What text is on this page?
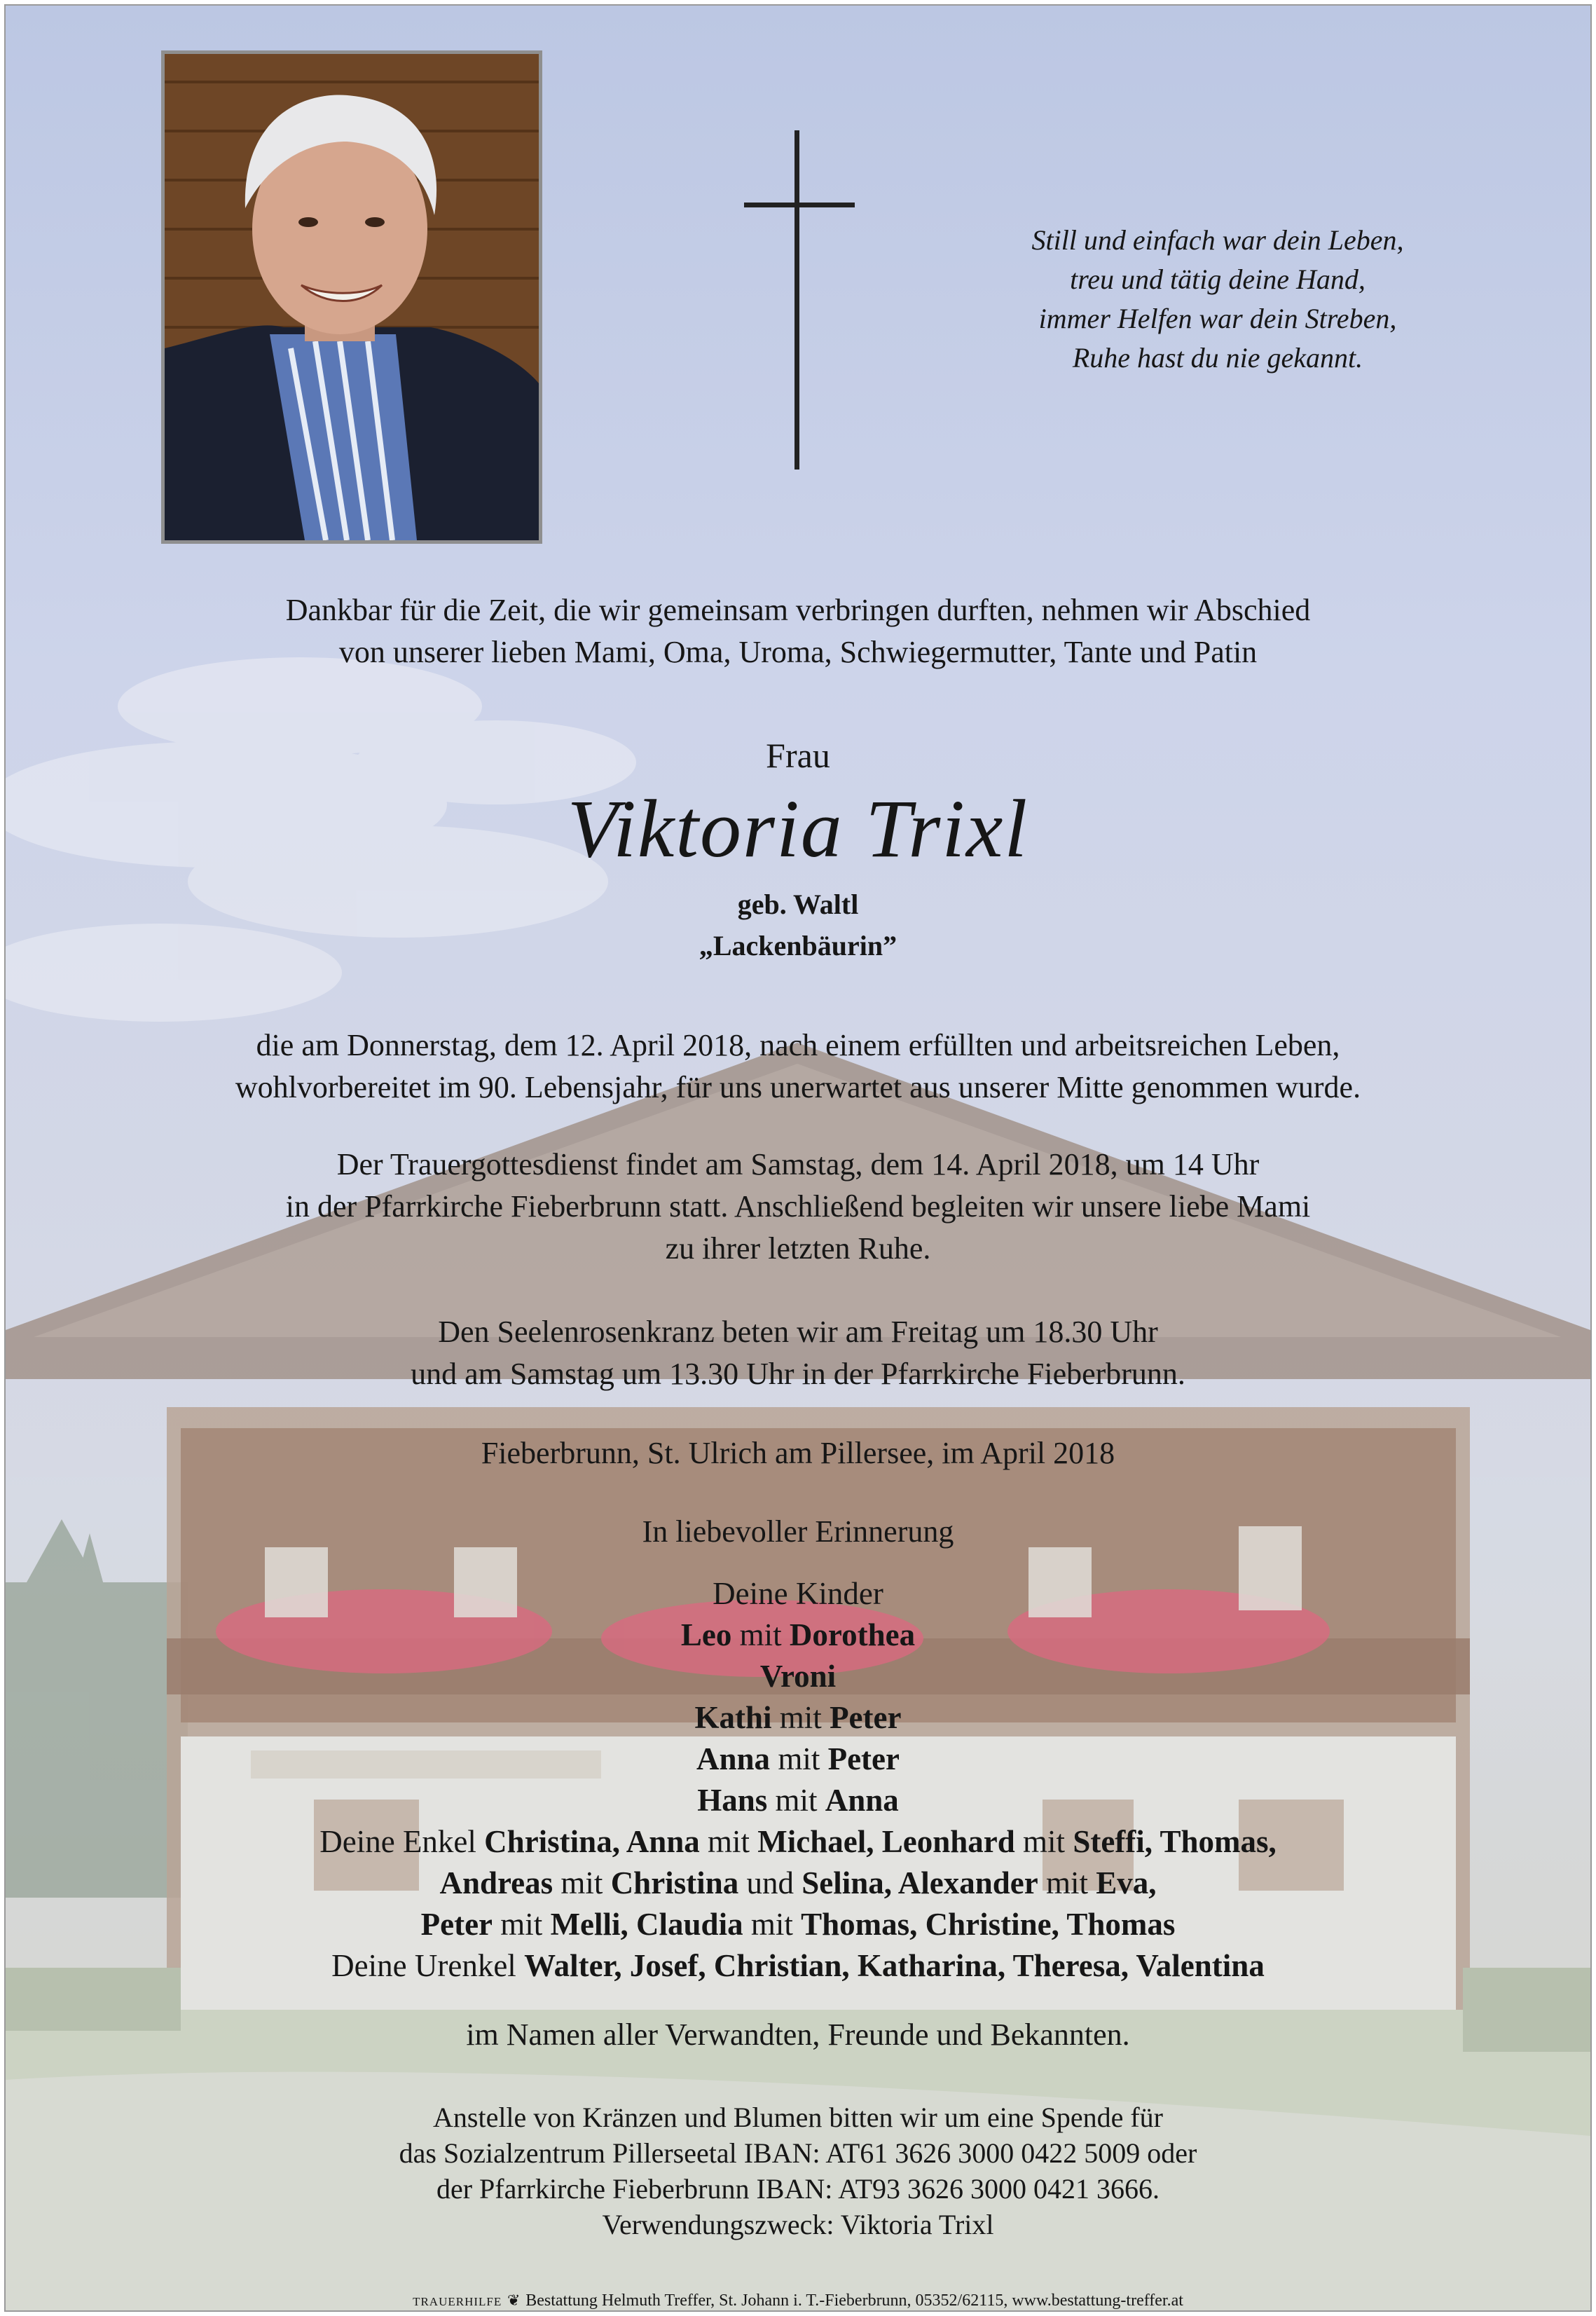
Still und einfach war dein Leben,
treu und tätig deine Hand,
immer Helfen war dein Streben,
Ruhe hast du nie gekannt.
Dankbar für die Zeit, die wir gemeinsam verbringen durften, nehmen wir Abschied
von unserer lieben Mami, Oma, Uroma, Schwiegermutter, Tante und Patin
Frau
Viktoria Trixl
geb. Waltl
„Lackenbäurin”
die am Donnerstag, dem 12. April 2018, nach einem erfüllten und arbeitsreichen Leben,
wohlvorbereitet im 90. Lebensjahr, für uns unerwartet aus unserer Mitte genommen wurde.
Der Trauergottesdienst findet am Samstag, dem 14. April 2018, um 14 Uhr
in der Pfarrkirche Fieberbrunn statt. Anschließend begleiten wir unsere liebe Mami
zu ihrer letzten Ruhe.
Den Seelenrosenkranz beten wir am Freitag um 18.30 Uhr
und am Samstag um 13.30 Uhr in der Pfarrkirche Fieberbrunn.
Fieberbrunn, St. Ulrich am Pillersee, im April 2018
In liebevoller Erinnerung
Deine Kinder
Leo mit Dorothea
Vroni
Kathi mit Peter
Anna mit Peter
Hans mit Anna
Deine Enkel Christina, Anna mit Michael, Leonhard mit Steffi, Thomas,
Andreas mit Christina und Selina, Alexander mit Eva,
Peter mit Melli, Claudia mit Thomas, Christine, Thomas
Deine Urenkel Walter, Josef, Christian, Katharina, Theresa, Valentina
im Namen aller Verwandten, Freunde und Bekannten.
Anstelle von Kränzen und Blumen bitten wir um eine Spende für
das Sozialzentrum Pillerseetal IBAN: AT61 3626 3000 0422 5009 oder
der Pfarrkirche Fieberbrunn IBAN: AT93 3626 3000 0421 3666.
Verwendungszweck: Viktoria Trixl
TRAUERHILFE ❦ Bestattung Helmuth Treffer, St. Johann i. T.-Fieberbrunn, 05352/62115, www.bestattung-treffer.at
